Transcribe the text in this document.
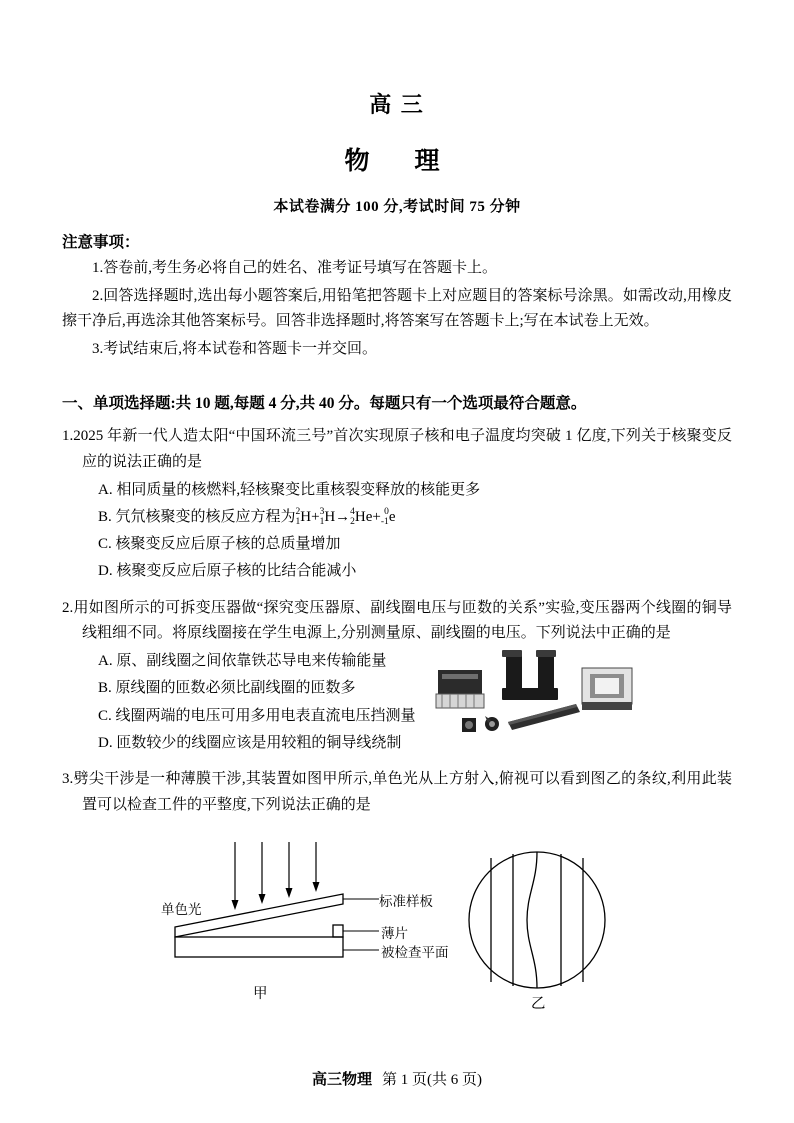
高 三
物　理
本试卷满分 100 分,考试时间 75 分钟
注意事项：
1.答卷前,考生务必将自己的姓名、准考证号填写在答题卡上。
2.回答选择题时,选出每小题答案后,用铅笔把答题卡上对应题目的答案标号涂黑。如需改动,用橡皮擦干净后,再选涂其他答案标号。回答非选择题时,将答案写在答题卡上;写在本试卷上无效。
3.考试结束后,将本试卷和答题卡一并交回。
一、单项选择题:共 10 题,每题 4 分,共 40 分。每题只有一个选项最符合题意。
1.2025 年新一代人造太阳“中国环流三号”首次实现原子核和电子温度均突破 1 亿度,下列关于核聚变反应的说法正确的是
A. 相同质量的核燃料,轻核聚变比重核裂变释放的核能更多
B. 氕氘核聚变的核反应方程为 2
1 H+ 3
1 H→ 4
2 He+ 0
-1 e
C. 核聚变反应后原子核的总质量增加
D. 核聚变反应后原子核的比结合能减小
2.用如图所示的可拆变压器做“探究变压器原、副线圈电压与匝数的关系”实验,变压器两个线圈的铜导线粗细不同。将原线圈接在学生电源上,分别测量原、副线圈的电压。下列说法中正确的是
A. 原、副线圈之间依靠铁芯导电来传输能量
B. 原线圈的匝数必须比副线圈的匝数多
C. 线圈两端的电压可用多用电表直流电压挡测量
D. 匝数较少的线圈应该是用较粗的铜导线绕制
3.劈尖干涉是一种薄膜干涉,其装置如图甲所示,单色光从上方射入,俯视可以看到图乙的条纹,利用此装置可以检查工件的平整度,下列说法正确的是
单色光
标准样板
薄片
被检查平面
甲
乙
高三物理 第 1 页(共 6 页)
